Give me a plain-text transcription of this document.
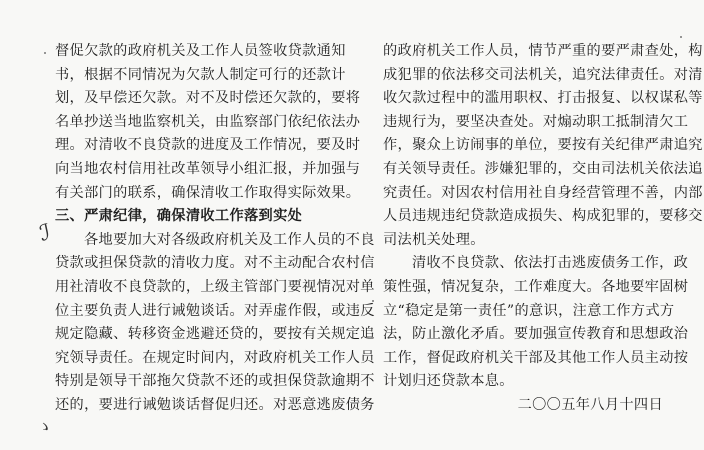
督促欠款的政府机关及工作人员签收贷款通知
书，根据不同情况为欠款人制定可行的还款计
划，及早偿还欠款。对不及时偿还欠款的，要将
名单抄送当地监察机关，由监察部门依纪依法办
理。对清收不良贷款的进度及工作情况，要及时
向当地农村信用社改革领导小组汇报，并加强与
有关部门的联系，确保清收工作取得实际效果。
三、严肃纪律，确保清收工作落到实处
各地要加大对各级政府机关及工作人员的不良
贷款或担保贷款的清收力度。对不主动配合农村信
用社清收不良贷款的，上级主管部门要视情况对单
位主要负责人进行诫勉谈话。对弄虚作假，或违反
规定隐藏、转移资金逃避还贷的，要按有关规定追
究领导责任。在规定时间内，对政府机关工作人员
特别是领导干部拖欠贷款不还的或担保贷款逾期不
还的，要进行诫勉谈话督促归还。对恶意逃废债务
的政府机关工作人员，情节严重的要严肃查处，构
成犯罪的依法移交司法机关，追究法律责任。对清
收欠款过程中的滥用职权、打击报复、以权谋私等
违规行为，要坚决查处。对煽动职工抵制清欠工
作，聚众上访闹事的单位，要按有关纪律严肃追究
有关领导责任。涉嫌犯罪的，交由司法机关依法追
究责任。对因农村信用社自身经营管理不善，内部
人员违规违纪贷款造成损失、构成犯罪的，要移交
司法机关处理。
清收不良贷款、依法打击逃废债务工作，政
策性强，情况复杂，工作难度大。各地要牢固树
立“稳定是第一责任”的意识，注意工作方式方
法，防止激化矛盾。要加强宣传教育和思想政治
工作，督促政府机关干部及其他工作人员主动按
计划归还贷款本息。
二〇〇五年八月十四日
ℐ
ゝ
